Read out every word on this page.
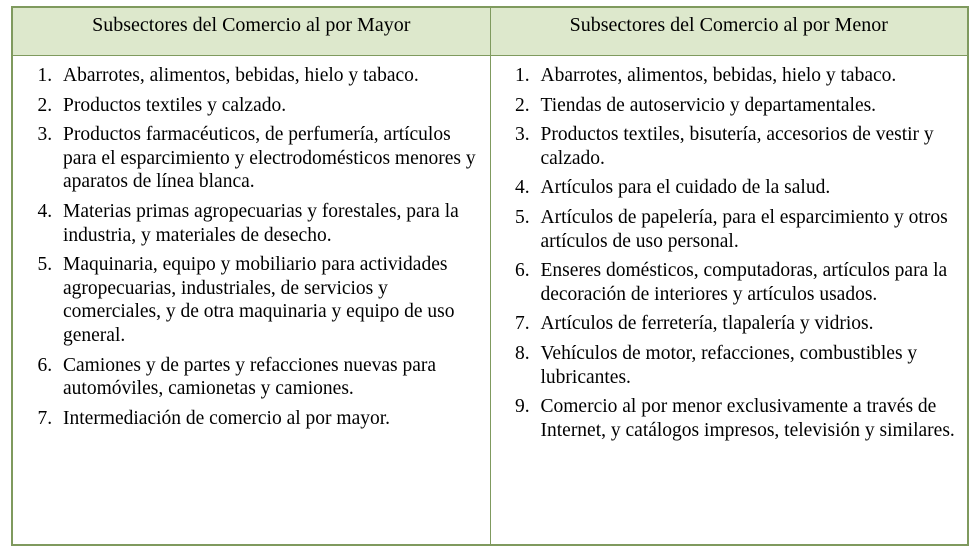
Subsectores del Comercio al por Mayor	Subsectores del Comercio al por Menor

1. Abarrotes, alimentos, bebidas, hielo y tabaco.
2. Productos textiles y calzado.
3. Productos farmacéuticos, de perfumería, artículos para el esparcimiento y electrodomésticos menores y aparatos de línea blanca.
4. Materias primas agropecuarias y forestales, para la industria, y materiales de desecho.
5. Maquinaria, equipo y mobiliario para actividades agropecuarias, industriales, de servicios y comerciales, y de otra maquinaria y equipo de uso general.
6. Camiones y de partes y refacciones nuevas para automóviles, camionetas y camiones.
7. Intermediación de comercio al por mayor.

1. Abarrotes, alimentos, bebidas, hielo y tabaco.
2. Tiendas de autoservicio y departamentales.
3. Productos textiles, bisutería, accesorios de vestir y calzado.
4. Artículos para el cuidado de la salud.
5. Artículos de papelería, para el esparcimiento y otros artículos de uso personal.
6. Enseres domésticos, computadoras, artículos para la decoración de interiores y artículos usados.
7. Artículos de ferretería, tlapalería y vidrios.
8. Vehículos de motor, refacciones, combustibles y lubricantes.
9. Comercio al por menor exclusivamente a través de Internet, y catálogos impresos, televisión y similares.
